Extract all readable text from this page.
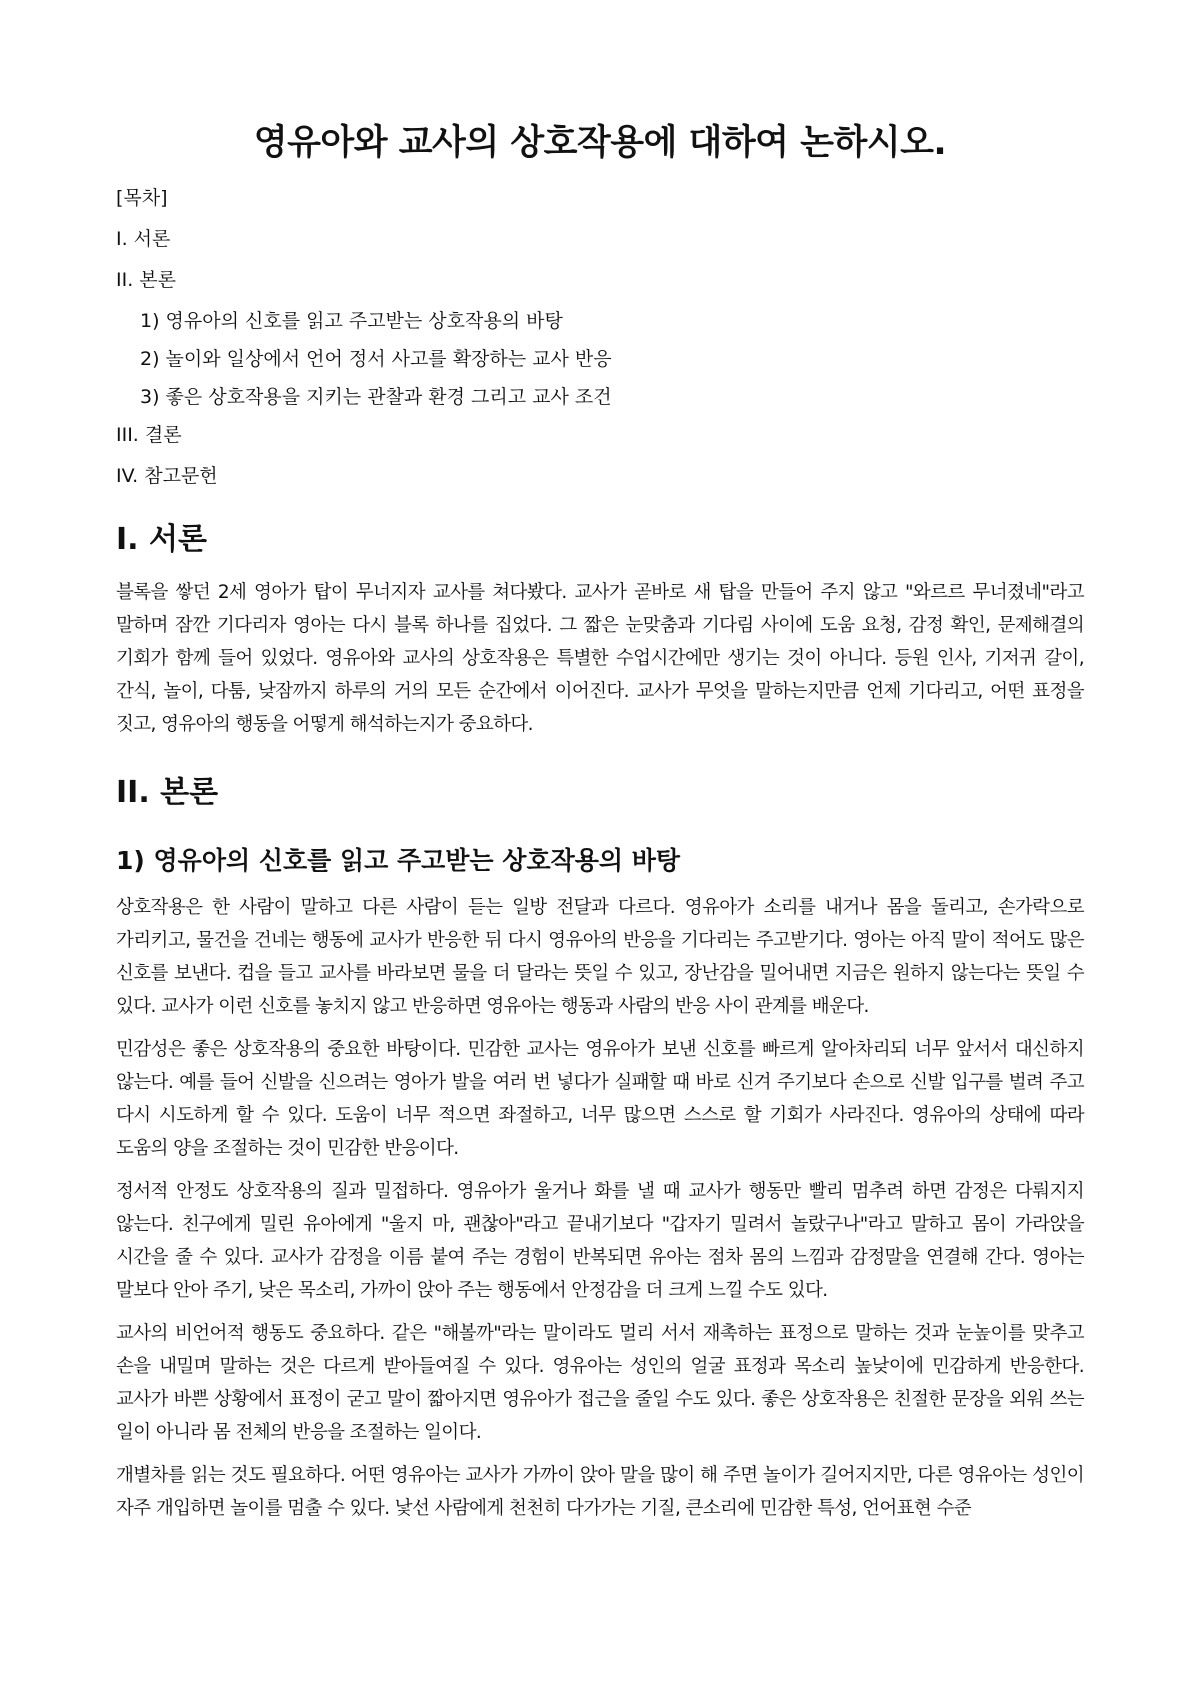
영유아와 교사의 상호작용에 대하여 논하시오.
[목차]
I. 서론
II. 본론
1) 영유아의 신호를 읽고 주고받는 상호작용의 바탕
2) 놀이와 일상에서 언어 정서 사고를 확장하는 교사 반응
3) 좋은 상호작용을 지키는 관찰과 환경 그리고 교사 조건
III. 결론
IV. 참고문헌
I. 서론

블록을 쌓던 2세 영아가 탑이 무너지자 교사를 쳐다봤다. 교사가 곧바로 새 탑을 만들어 주지 않고 "와르르 무너졌네"라고 말하며 잠깐 기다리자 영아는 다시 블록 하나를 집었다. 그 짧은 눈맞춤과 기다림 사이에 도움 요청, 감정 확인, 문제해결의 기회가 함께 들어 있었다. 영유아와 교사의 상호작용은 특별한 수업시간에만 생기는 것이 아니다. 등원 인사, 기저귀 갈이, 간식, 놀이, 다툼, 낮잠까지 하루의 거의 모든 순간에서 이어진다. 교사가 무엇을 말하는지만큼 언제 기다리고, 어떤 표정을 짓고, 영유아의 행동을 어떻게 해석하는지가 중요하다.

II. 본론
1) 영유아의 신호를 읽고 주고받는 상호작용의 바탕

상호작용은 한 사람이 말하고 다른 사람이 듣는 일방 전달과 다르다. 영유아가 소리를 내거나 몸을 돌리고, 손가락으로 가리키고, 물건을 건네는 행동에 교사가 반응한 뒤 다시 영유아의 반응을 기다리는 주고받기다. 영아는 아직 말이 적어도 많은 신호를 보낸다. 컵을 들고 교사를 바라보면 물을 더 달라는 뜻일 수 있고, 장난감을 밀어내면 지금은 원하지 않는다는 뜻일 수 있다. 교사가 이런 신호를 놓치지 않고 반응하면 영유아는 행동과 사람의 반응 사이 관계를 배운다.

민감성은 좋은 상호작용의 중요한 바탕이다. 민감한 교사는 영유아가 보낸 신호를 빠르게 알아차리되 너무 앞서서 대신하지 않는다. 예를 들어 신발을 신으려는 영아가 발을 여러 번 넣다가 실패할 때 바로 신겨 주기보다 손으로 신발 입구를 벌려 주고 다시 시도하게 할 수 있다. 도움이 너무 적으면 좌절하고, 너무 많으면 스스로 할 기회가 사라진다. 영유아의 상태에 따라 도움의 양을 조절하는 것이 민감한 반응이다.

정서적 안정도 상호작용의 질과 밀접하다. 영유아가 울거나 화를 낼 때 교사가 행동만 빨리 멈추려 하면 감정은 다뤄지지 않는다. 친구에게 밀린 유아에게 "울지 마, 괜찮아"라고 끝내기보다 "갑자기 밀려서 놀랐구나"라고 말하고 몸이 가라앉을 시간을 줄 수 있다. 교사가 감정을 이름 붙여 주는 경험이 반복되면 유아는 점차 몸의 느낌과 감정말을 연결해 간다. 영아는 말보다 안아 주기, 낮은 목소리, 가까이 앉아 주는 행동에서 안정감을 더 크게 느낄 수도 있다.

교사의 비언어적 행동도 중요하다. 같은 "해볼까"라는 말이라도 멀리 서서 재촉하는 표정으로 말하는 것과 눈높이를 맞추고 손을 내밀며 말하는 것은 다르게 받아들여질 수 있다. 영유아는 성인의 얼굴 표정과 목소리 높낮이에 민감하게 반응한다. 교사가 바쁜 상황에서 표정이 굳고 말이 짧아지면 영유아가 접근을 줄일 수도 있다. 좋은 상호작용은 친절한 문장을 외워 쓰는 일이 아니라 몸 전체의 반응을 조절하는 일이다.

개별차를 읽는 것도 필요하다. 어떤 영유아는 교사가 가까이 앉아 말을 많이 해 주면 놀이가 길어지지만, 다른 영유아는 성인이 자주 개입하면 놀이를 멈출 수 있다. 낯선 사람에게 천천히 다가가는 기질, 큰소리에 민감한 특성, 언어표현 수준
